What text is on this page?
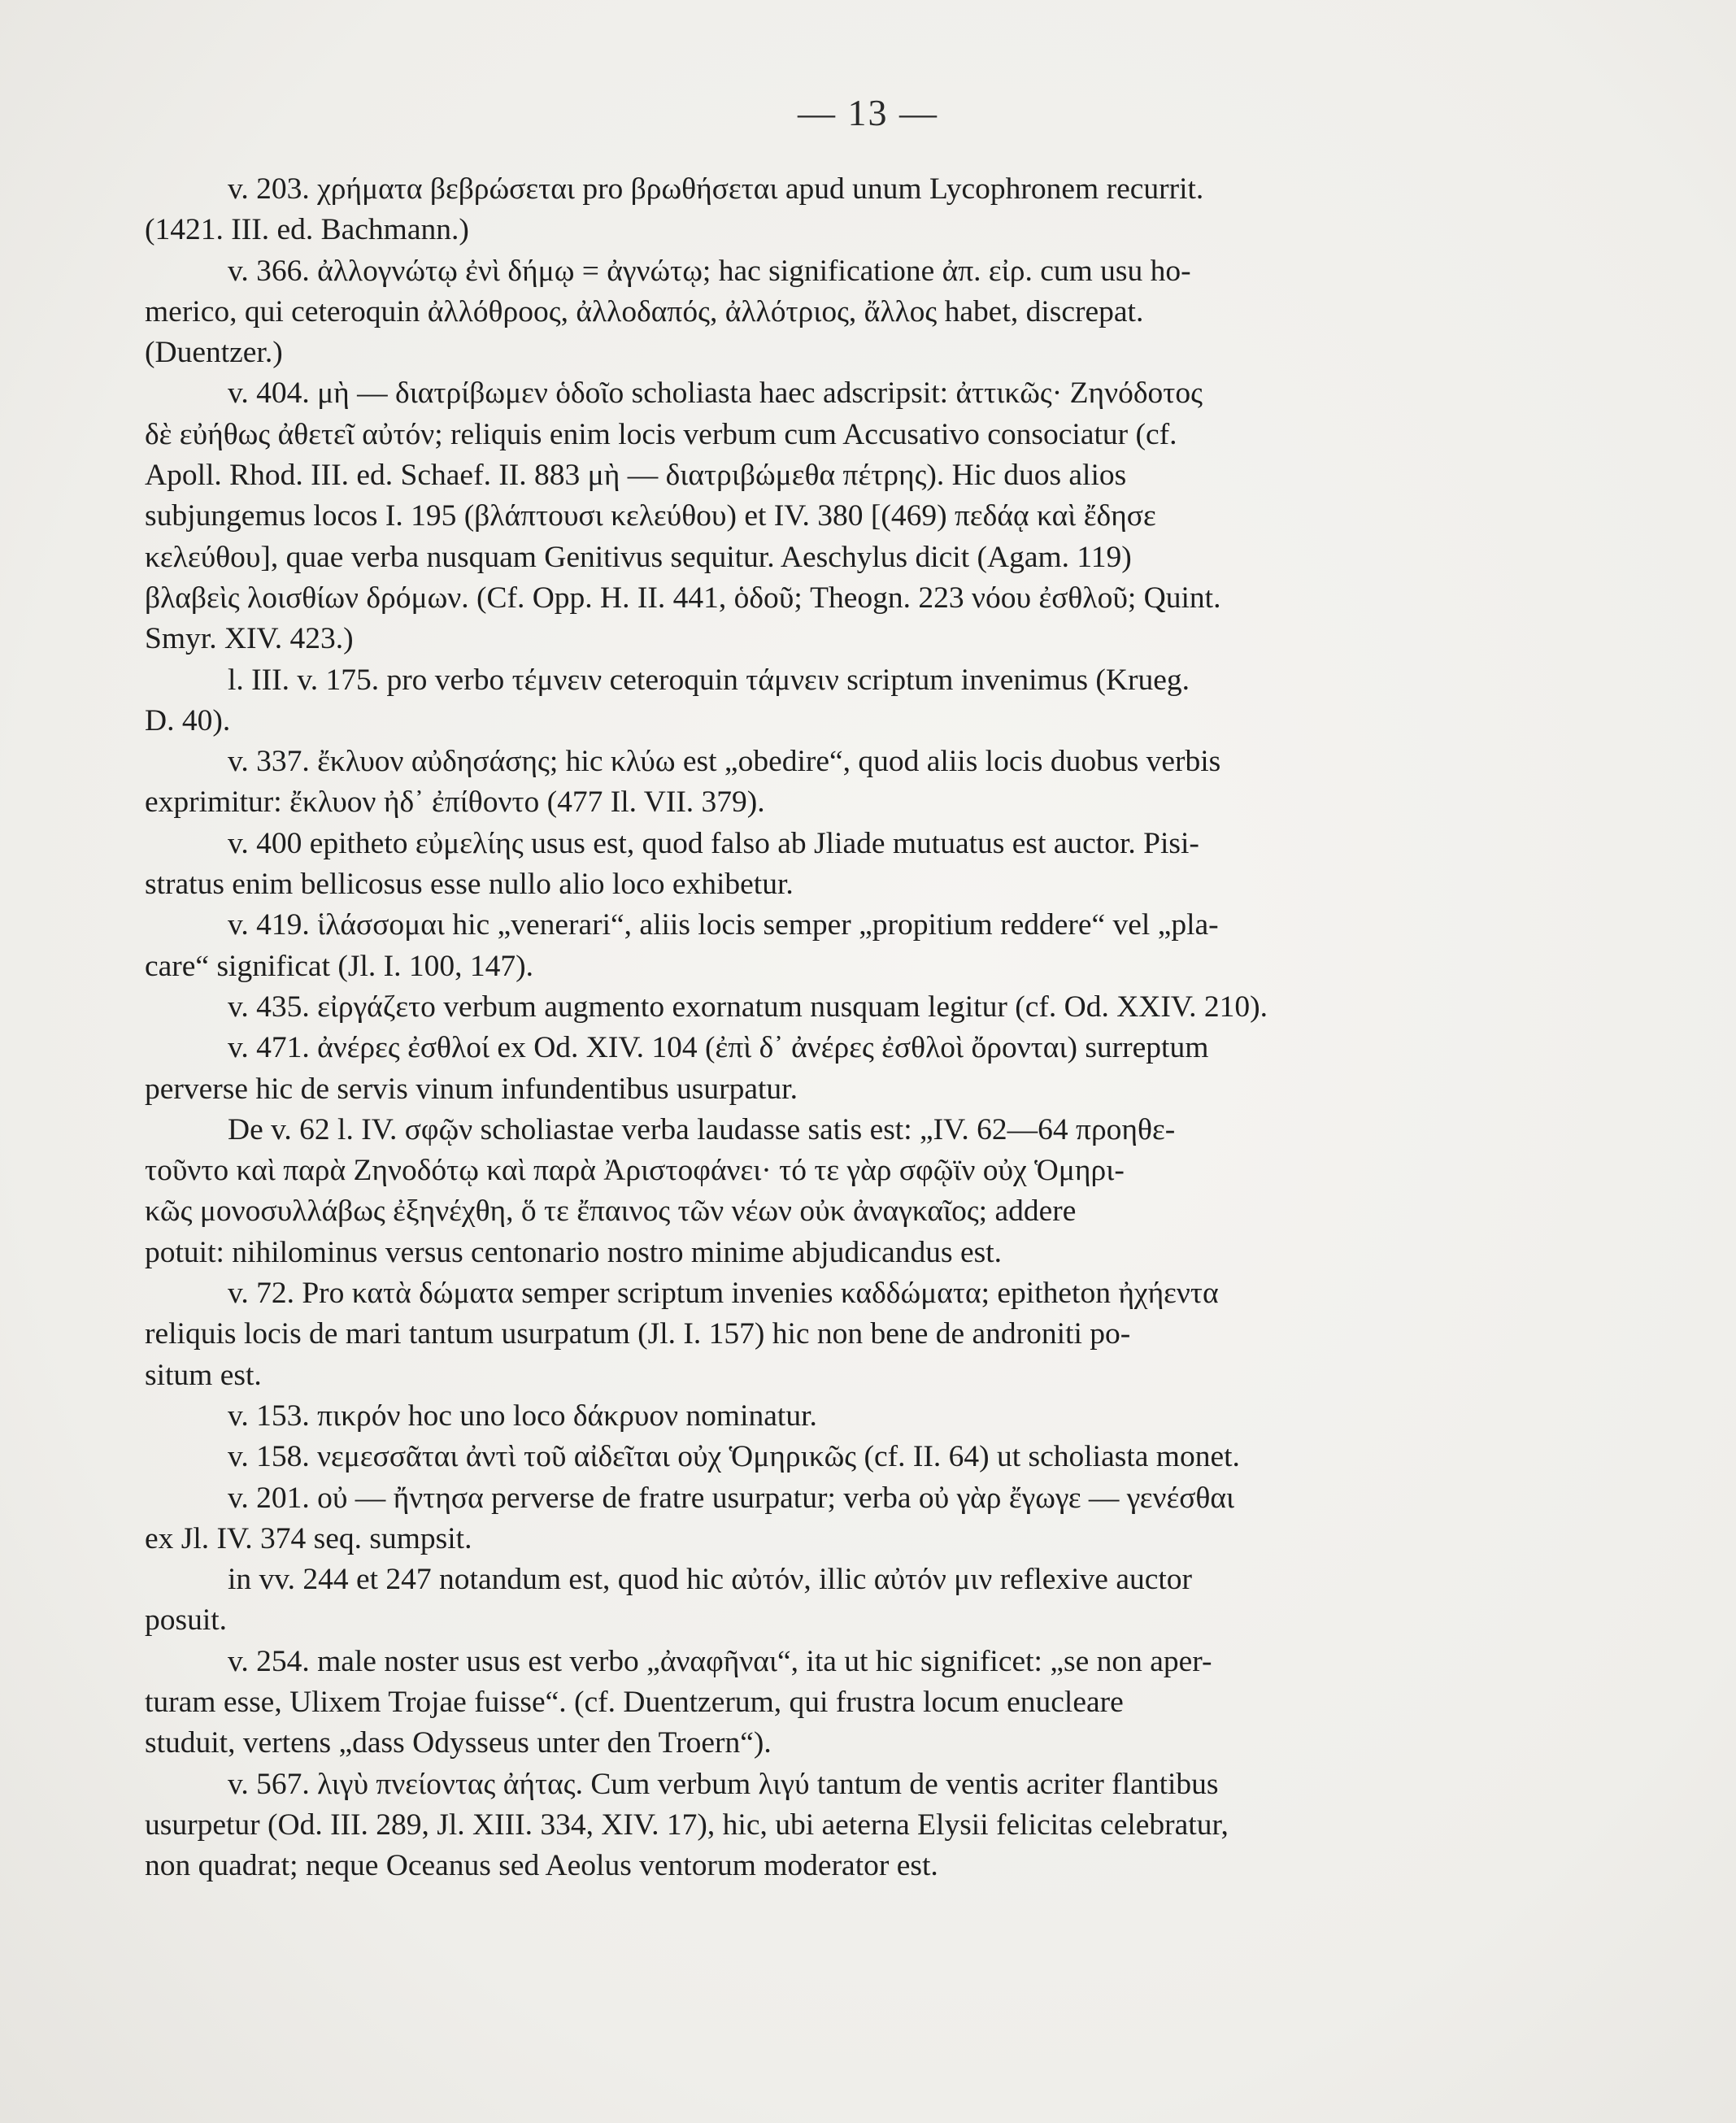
— 13 —
v. 203. χρήματα βεβρώσεται pro βρωθήσεται apud unum Lycophronem recurrit.
(1421. III. ed. Bachmann.)
v. 366. ἀλλογνώτῳ ἐνὶ δήμῳ = ἀγνώτῳ; hac significatione ἀπ. εἰρ. cum usu ho-
merico, qui ceteroquin ἀλλόθροος, ἀλλοδαπός, ἀλλότριος, ἄλλος habet, discrepat.
(Duentzer.)
v. 404. μὴ — διατρίβωμεν ὁδοῖο scholiasta haec adscripsit: ἀττικῶς· Ζηνόδοτος
δὲ εὐήθως ἀθετεῖ αὐτόν; reliquis enim locis verbum cum Accusativo consociatur (cf.
Apoll. Rhod. III. ed. Schaef. II. 883 μὴ — διατριβώμεθα πέτρης). Hic duos alios
subjungemus locos I. 195 (βλάπτουσι κελεύθου) et IV. 380 [(469) πεδάᾳ καὶ ἔδησε
κελεύθου], quae verba nusquam Genitivus sequitur. Aeschylus dicit (Agam. 119)
βλαβεὶς λοισθίων δρόμων. (Cf. Opp. H. II. 441, ὁδοῦ; Theogn. 223 νόου ἐσθλοῦ; Quint.
Smyr. XIV. 423.)
l. III. v. 175. pro verbo τέμνειν ceteroquin τάμνειν scriptum invenimus (Krueg.
D. 40).
v. 337. ἔκλυον αὐδησάσης; hic κλύω est „obedire“, quod aliis locis duobus verbis
exprimitur: ἔκλυον ἠδ᾽ ἐπίθοντο (477 Il. VII. 379).
v. 400 epitheto εὐμελίης usus est, quod falso ab Jliade mutuatus est auctor. Pisi-
stratus enim bellicosus esse nullo alio loco exhibetur.
v. 419. ἱλάσσομαι hic „venerari“, aliis locis semper „propitium reddere“ vel „pla-
care“ significat (Jl. I. 100, 147).
v. 435. εἰργάζετο verbum augmento exornatum nusquam legitur (cf. Od. XXIV. 210).
v. 471. ἀνέρες ἐσθλοί ex Od. XIV. 104 (ἐπὶ δ᾽ ἀνέρες ἐσθλοὶ ὄρονται) surreptum
perverse hic de servis vinum infundentibus usurpatur.
De v. 62 l. IV. σφῷν scholiastae verba laudasse satis est: „IV. 62—64 προηθε-
τοῦντο καὶ παρὰ Ζηνοδότῳ καὶ παρὰ Ἀριστοφάνει· τό τε γὰρ σφῷϊν οὐχ Ὁμηρι-
κῶς μονοσυλλάβως ἐξηνέχθη, ὅ τε ἔπαινος τῶν νέων οὐκ ἀναγκαῖος; addere
potuit: nihilominus versus centonario nostro minime abjudicandus est.
v. 72. Pro κατὰ δώματα semper scriptum invenies καδδώματα; epitheton ἠχήεντα
reliquis locis de mari tantum usurpatum (Jl. I. 157) hic non bene de androniti po-
situm est.
v. 153. πικρόν hoc uno loco δάκρυον nominatur.
v. 158. νεμεσσᾶται ἀντὶ τοῦ αἰδεῖται οὐχ Ὁμηρικῶς (cf. II. 64) ut scholiasta monet.
v. 201. οὐ — ἤντησα perverse de fratre usurpatur; verba οὐ γὰρ ἔγωγε — γενέσθαι
ex Jl. IV. 374 seq. sumpsit.
in vv. 244 et 247 notandum est, quod hic αὐτόν, illic αὐτόν μιν reflexive auctor
posuit.
v. 254. male noster usus est verbo „ἀναφῆναι“, ita ut hic significet: „se non aper-
turam esse, Ulixem Trojae fuisse“. (cf. Duentzerum, qui frustra locum enucleare
studuit, vertens „dass Odysseus unter den Troern“).
v. 567. λιγὺ πνείοντας ἀήτας. Cum verbum λιγύ tantum de ventis acriter flantibus
usurpetur (Od. III. 289, Jl. XIII. 334, XIV. 17), hic, ubi aeterna Elysii felicitas celebratur,
non quadrat; neque Oceanus sed Aeolus ventorum moderator est.
